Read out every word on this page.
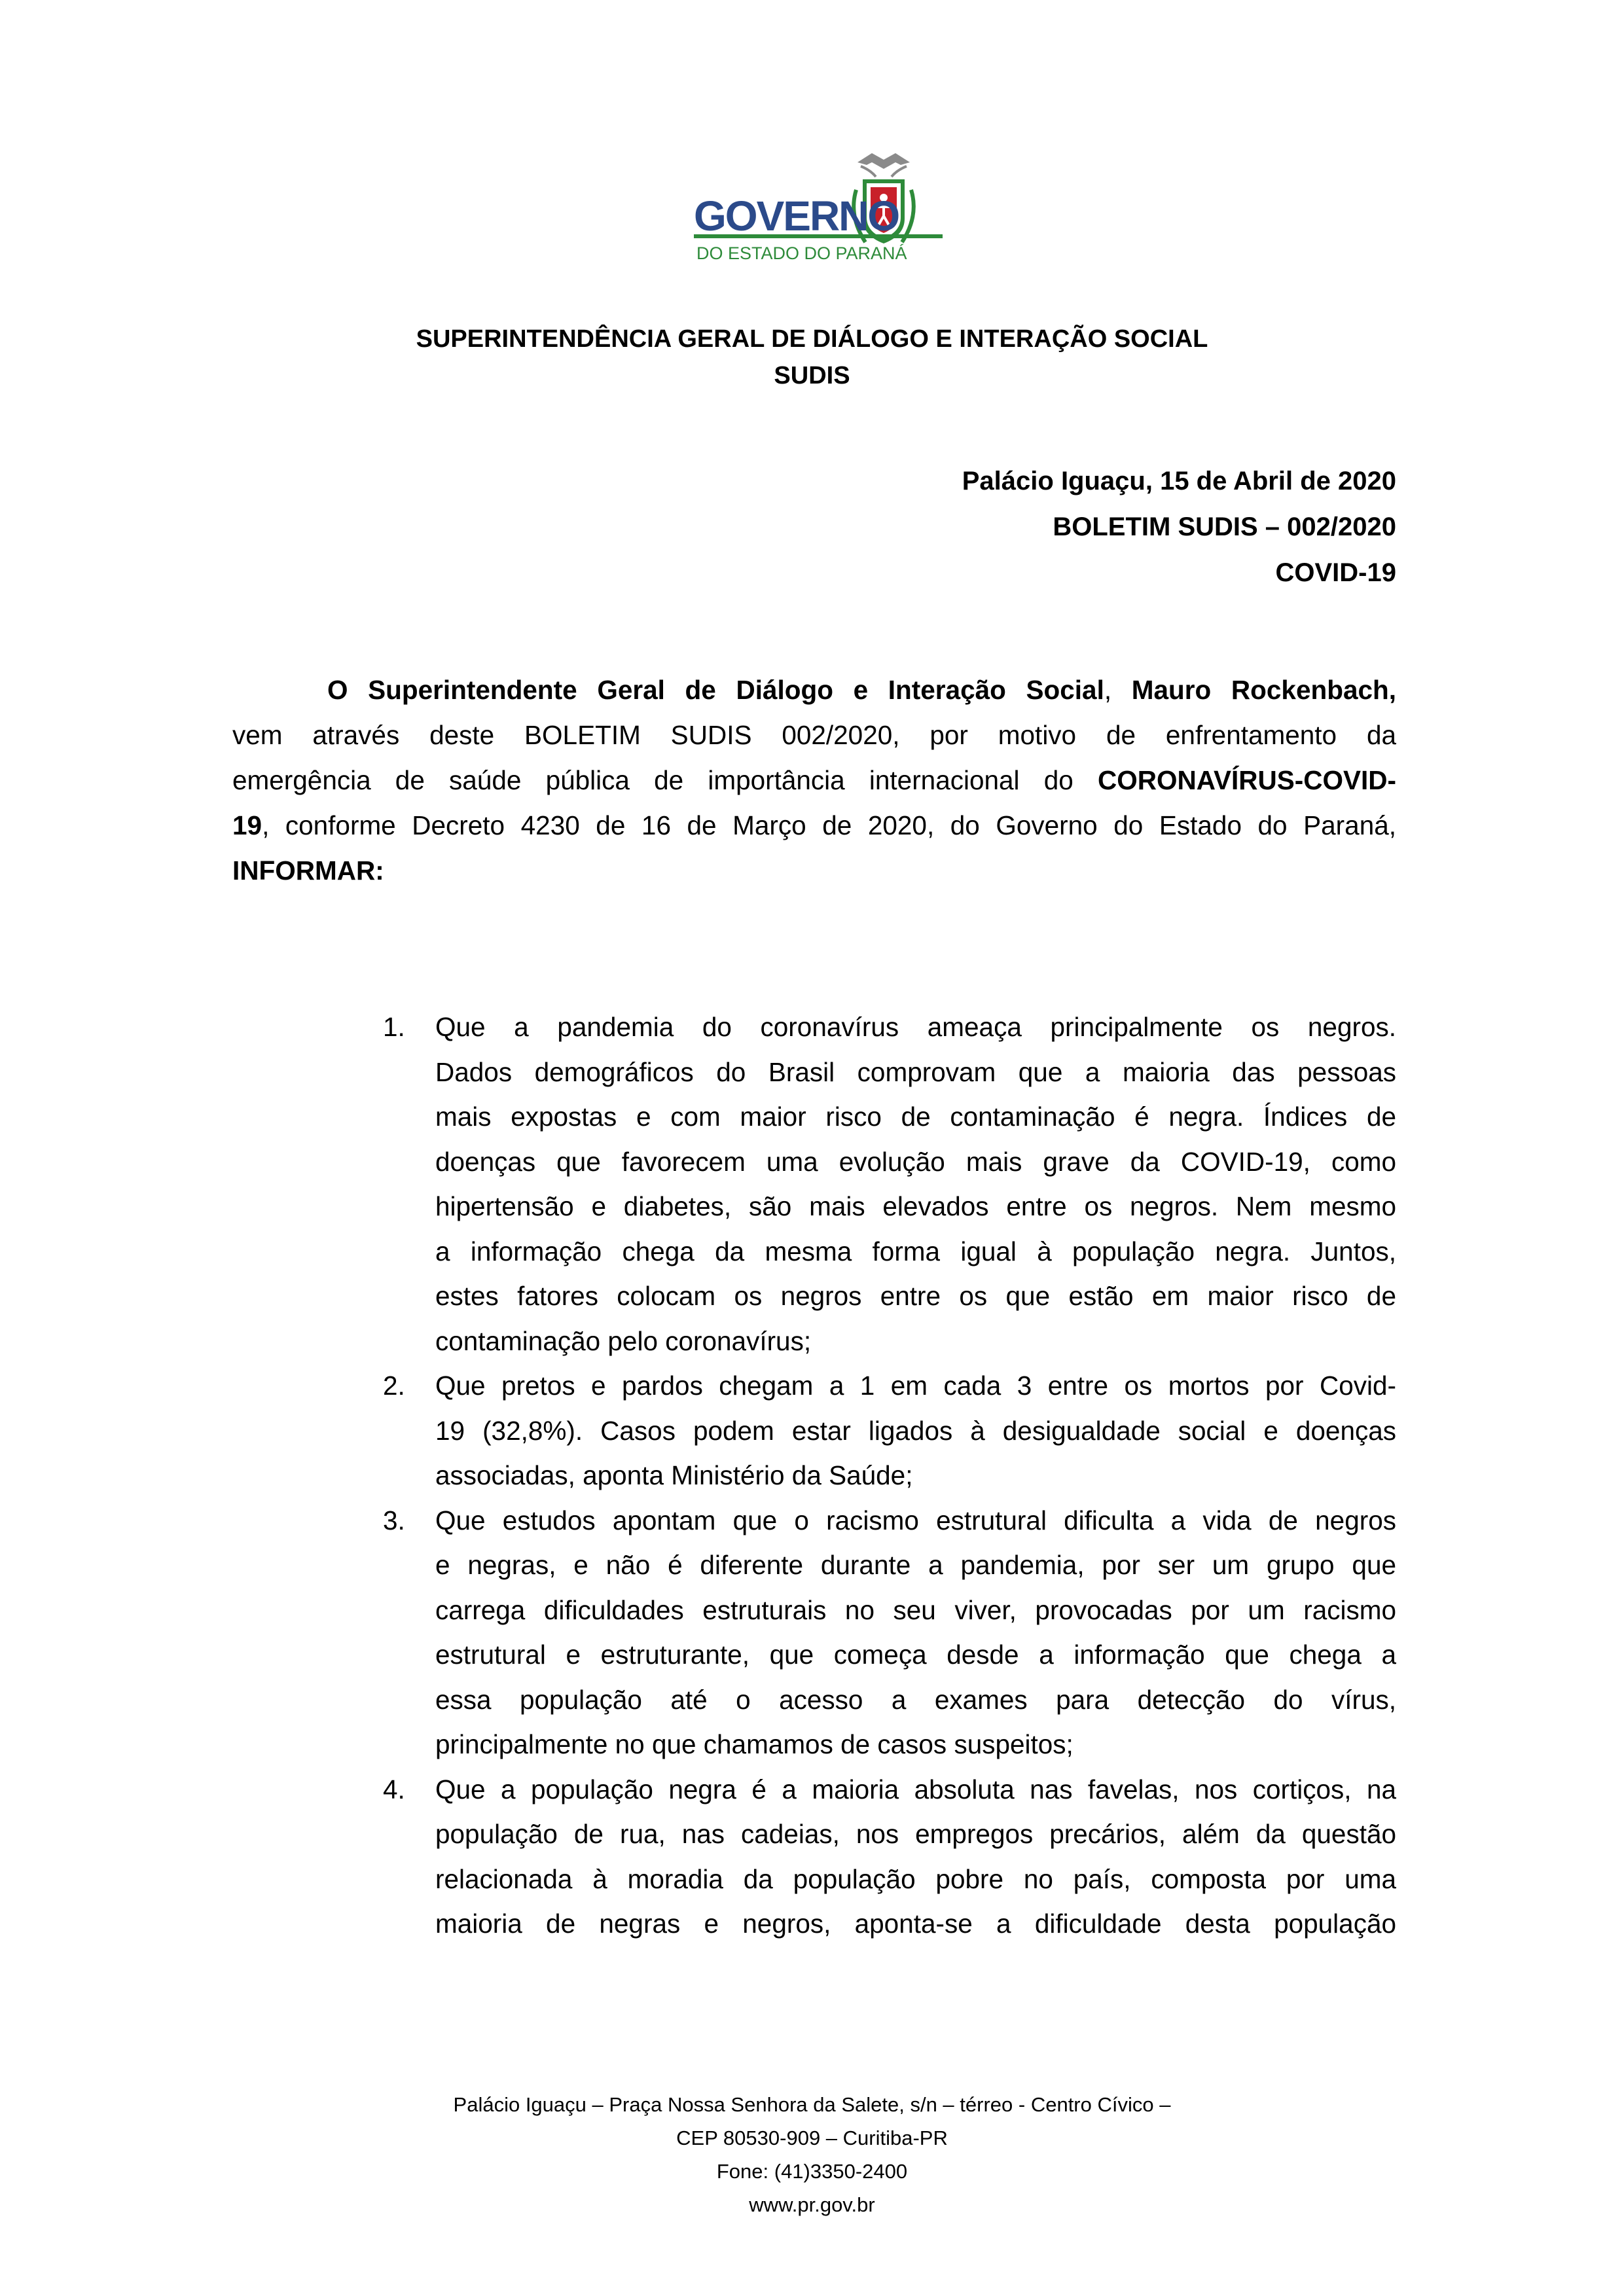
GOVERNO
DO ESTADO DO PARANÁ
SUPERINTENDÊNCIA GERAL DE DIÁLOGO E INTERAÇÃO SOCIAL
SUDIS
Palácio Iguaçu, 15 de Abril de 2020
BOLETIM SUDIS – 002/2020
COVID-19
O Superintendente Geral de Diálogo e Interação Social, Mauro Rockenbach,
vem através deste BOLETIM SUDIS 002/2020, por motivo de enfrentamento da
emergência de saúde pública de importância internacional do CORONAVÍRUS-COVID-
19, conforme Decreto 4230 de 16 de Março de 2020, do Governo do Estado do Paraná,
INFORMAR:
1.	Que a pandemia do coronavírus ameaça principalmente os negros.
Dados demográficos do Brasil comprovam que a maioria das pessoas
mais expostas e com maior risco de contaminação é negra. Índices de
doenças que favorecem uma evolução mais grave da COVID-19, como
hipertensão e diabetes, são mais elevados entre os negros. Nem mesmo
a informação chega da mesma forma igual à população negra. Juntos,
estes fatores colocam os negros entre os que estão em maior risco de
contaminação pelo coronavírus;
2.	Que pretos e pardos chegam a 1 em cada 3 entre os mortos por Covid-
19 (32,8%). Casos podem estar ligados à desigualdade social e doenças
associadas, aponta Ministério da Saúde;
3.	Que estudos apontam que o racismo estrutural dificulta a vida de negros
e negras, e não é diferente durante a pandemia, por ser um grupo que
carrega dificuldades estruturais no seu viver, provocadas por um racismo
estrutural e estruturante, que começa desde a informação que chega a
essa população até o acesso a exames para detecção do vírus,
principalmente no que chamamos de casos suspeitos;
4.	Que a população negra é a maioria absoluta nas favelas, nos cortiços, na
população de rua, nas cadeias, nos empregos precários, além da questão
relacionada à moradia da população pobre no país, composta por uma
maioria de negras e negros, aponta-se a dificuldade desta população
Palácio Iguaçu – Praça Nossa Senhora da Salete, s/n – térreo - Centro Cívico –
CEP 80530-909 – Curitiba-PR
Fone: (41)3350-2400
www.pr.gov.br
